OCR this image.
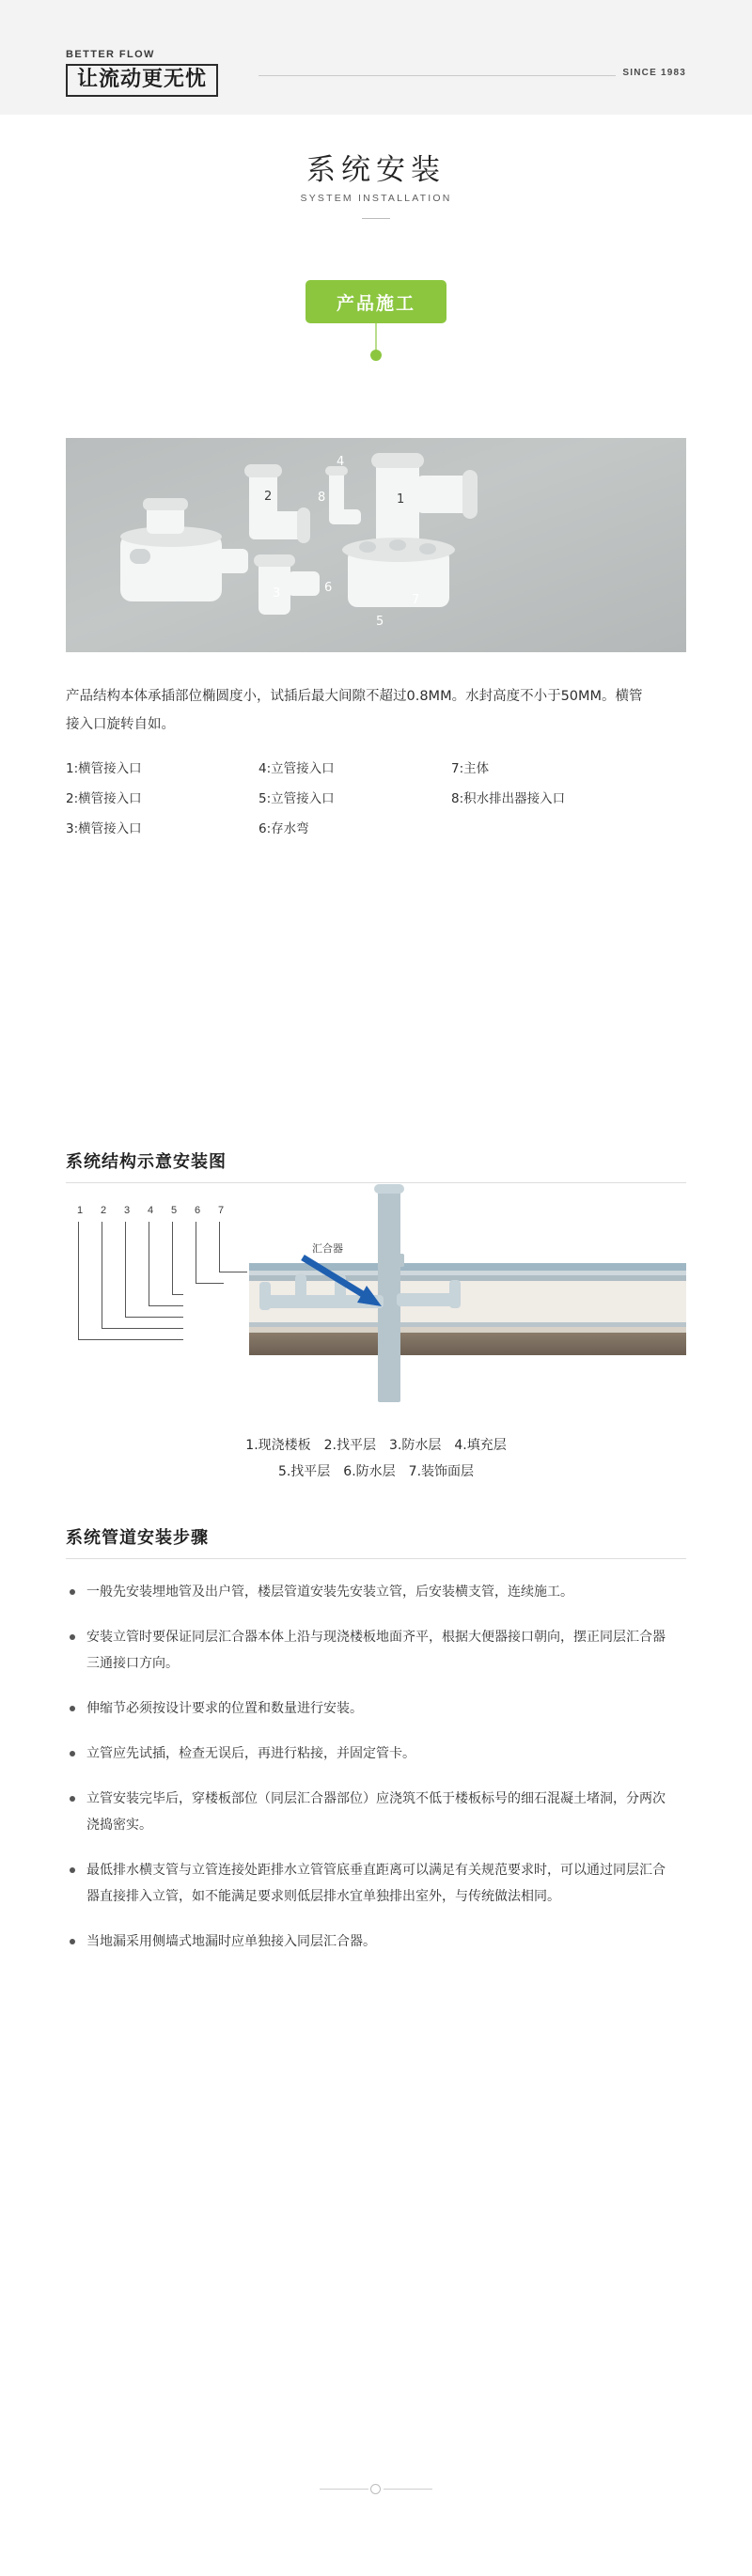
BETTER FLOW
让流动更无忧	SINCE 1983
系统安装
SYSTEM INSTALLATION
产品施工
4
2	8	1
3	6
7
5
产品结构本体承插部位椭圆度小，试插后最大间隙不超过0.8MM。水封高度不小于50MM。横管接入口旋转自如。
1:横管接入口	4:立管接入口	7:主体
2:横管接入口	5:立管接入口	8:积水排出器接入口
3:横管接入口	6:存水弯
系统结构示意安装图
1	2	3	4	5	6	7
汇合器
1.现浇楼板　2.找平层　3.防水层　4.填充层
5.找平层　6.防水层　7.装饰面层
系统管道安装步骤
一般先安装埋地管及出户管，楼层管道安装先安装立管，后安装横支管，连续施工。
安装立管时要保证同层汇合器本体上沿与现浇楼板地面齐平，根据大便器接口朝向，摆正同层汇合器三通接口方向。
伸缩节必须按设计要求的位置和数量进行安装。
立管应先试插，检查无误后，再进行粘接，并固定管卡。
立管安装完毕后，穿楼板部位（同层汇合器部位）应浇筑不低于楼板标号的细石混凝土堵洞，分两次浇捣密实。
最低排水横支管与立管连接处距排水立管管底垂直距离可以满足有关规范要求时，可以通过同层汇合器直接排入立管，如不能满足要求则低层排水宜单独排出室外，与传统做法相同。
当地漏采用侧墙式地漏时应单独接入同层汇合器。
